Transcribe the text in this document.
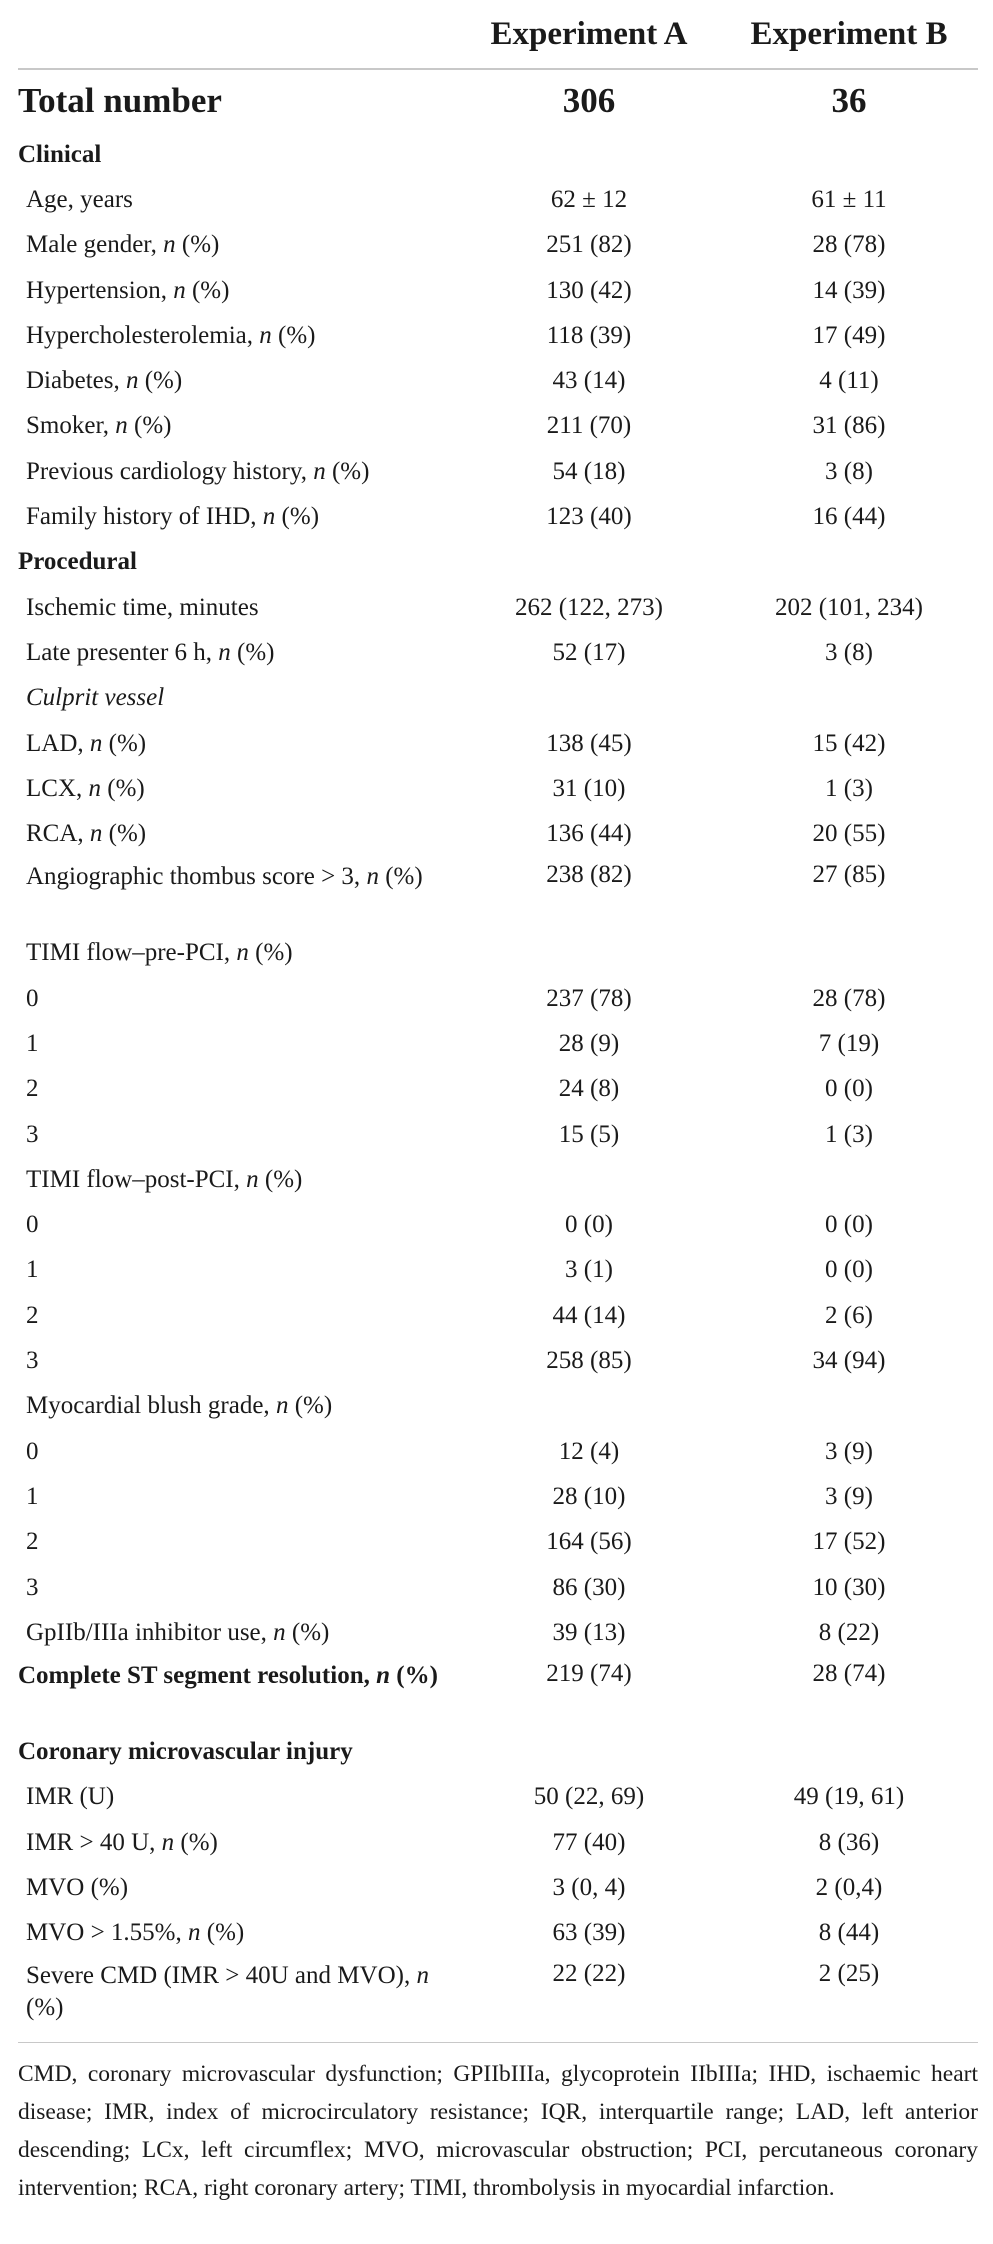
	Experiment A	Experiment B
Total number	306	36
Clinical		
Age, years	62 ± 12	61 ± 11
Male gender, n (%)	251 (82)	28 (78)
Hypertension, n (%)	130 (42)	14 (39)
Hypercholesterolemia, n (%)	118 (39)	17 (49)
Diabetes, n (%)	43 (14)	4 (11)
Smoker, n (%)	211 (70)	31 (86)
Previous cardiology history, n (%)	54 (18)	3 (8)
Family history of IHD, n (%)	123 (40)	16 (44)
Procedural		
Ischemic time, minutes	262 (122, 273)	202 (101, 234)
Late presenter 6 h, n (%)	52 (17)	3 (8)
Culprit vessel		
LAD, n (%)	138 (45)	15 (42)
LCX, n (%)	31 (10)	1 (3)
RCA, n (%)	136 (44)	20 (55)
Angiographic thombus score > 3, n (%)	238 (82)	27 (85)
TIMI flow–pre-PCI, n (%)		
0	237 (78)	28 (78)
1	28 (9)	7 (19)
2	24 (8)	0 (0)
3	15 (5)	1 (3)
TIMI flow–post-PCI, n (%)		
0	0 (0)	0 (0)
1	3 (1)	0 (0)
2	44 (14)	2 (6)
3	258 (85)	34 (94)
Myocardial blush grade, n (%)		
0	12 (4)	3 (9)
1	28 (10)	3 (9)
2	164 (56)	17 (52)
3	86 (30)	10 (30)
GpIIb/IIIa inhibitor use, n (%)	39 (13)	8 (22)
Complete ST segment resolution, n (%)	219 (74)	28 (74)
Coronary microvascular injury		
IMR (U)	50 (22, 69)	49 (19, 61)
IMR > 40 U, n (%)	77 (40)	8 (36)
MVO (%)	3 (0, 4)	2 (0,4)
MVO > 1.55%, n (%)	63 (39)	8 (44)
Severe CMD (IMR > 40U and MVO), n (%)	22 (22)	2 (25)
CMD, coronary microvascular dysfunction; GPIIbIIIa, glycoprotein IIbIIIa; IHD, ischaemic heart disease; IMR, index of microcirculatory resistance; IQR, interquartile range; LAD, left anterior descending; LCx, left circumflex; MVO, microvascular obstruction; PCI, percutaneous coronary intervention; RCA, right coronary artery; TIMI, thrombolysis in myocardial infarction.
